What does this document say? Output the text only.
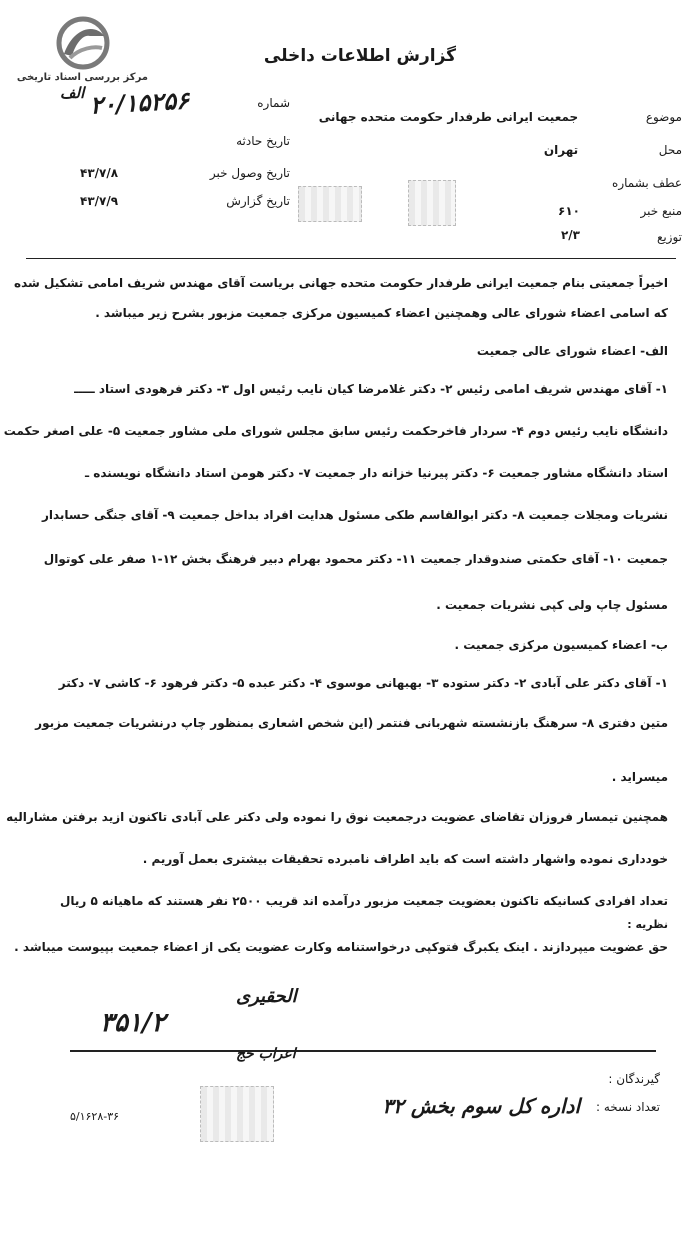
مرکز بررسی اسناد تاریخی
گزارش اطلاعات داخلی
موضوع جمعیت ایرانی طرفدار حکومت متحده جهانی
محل تهران
عطف بشماره
منبع خبر
۶۱۰
توزیع
۲/۳
الف
شماره
۲۰/۱۵۲۵۶
تاریخ حادثه
تاریخ وصول خبر
۴۳/۷/۸
تاریخ گزارش
۴۳/۷/۹

اخیراً جمعیتی بنام جمعیت ایرانی طرفدار حکومت متحده جهانی بریاست آقای مهندس شریف امامی تشکیل شده

که اسامی اعضاء شورای عالی وهمچنین اعضاء کمیسیون مرکزی جمعیت مزبور بشرح زیر میباشد .

الف- اعضاء شورای عالی جمعیت

۱- آقای مهندس شریف امامی رئیس ۲- دکتر غلامرضا کیان نایب رئیس اول ۳- دکتر فرهودی استاد ـــــ

دانشگاه نایب رئیس دوم ۴- سردار فاخرحکمت رئیس سابق مجلس شورای ملی مشاور جمعیت ۵- علی اصغر حکمت

استاد دانشگاه مشاور جمعیت ۶- دکتر پیرنیا خزانه دار جمعیت ۷- دکتر هومن استاد دانشگاه نویسنده ـ

نشریات ومجلات جمعیت ۸- دکتر ابوالقاسم طکی مسئول هدایت افراد بداخل جمعیت ۹- آقای جنگی حسابدار

جمعیت ۱۰- آقای حکمتی صندوقدار جمعیت ۱۱- دکتر محمود بهرام دبیر فرهنگ بخش ۱۲-۱ صفر علی کوتوال

مسئول چاپ ولی کپی نشریات جمعیت .

ب- اعضاء کمیسیون مرکزی جمعیت .

۱- آقای دکتر علی آبادی ۲- دکتر ستوده ۳- بهبهانی موسوی ۴- دکتر عبده ۵- دکتر فرهود ۶- کاشی ۷- دکتر

متین دفتری ۸- سرهنگ بازنشسته شهربانی فنتمر (این شخص اشعاری بمنظور چاپ درنشریات جمعیت مزبور

میسراید .

همچنین تیمسار فروزان تقاضای عضویت درجمعیت نوق را نموده ولی دکتر علی آبادی تاکنون ازید برفتن مشارالیه

خودداری نموده واشهار داشته است که باید اطراف نامبرده تحقیقات بیشتری بعمل آوریم .

تعداد افرادی کسانیکه تاکنون بعضویت جمعیت مزبور درآمده اند قریب ۲۵۰۰ نفر هستند که ماهیانه ۵ ریال

نظریه :

حق عضویت میپردازند . اینک یکبرگ فتوکپی درخواستنامه وکارت عضویت یکی از اعضاء جمعیت بپیوست میباشد .

الحقیری
۳۵۱/۲
اعراب حج
گیرندگان :
تعداد نسخه :
اداره کل سوم بخش ۳۲
۵/۱۶۲۸-۳۶
